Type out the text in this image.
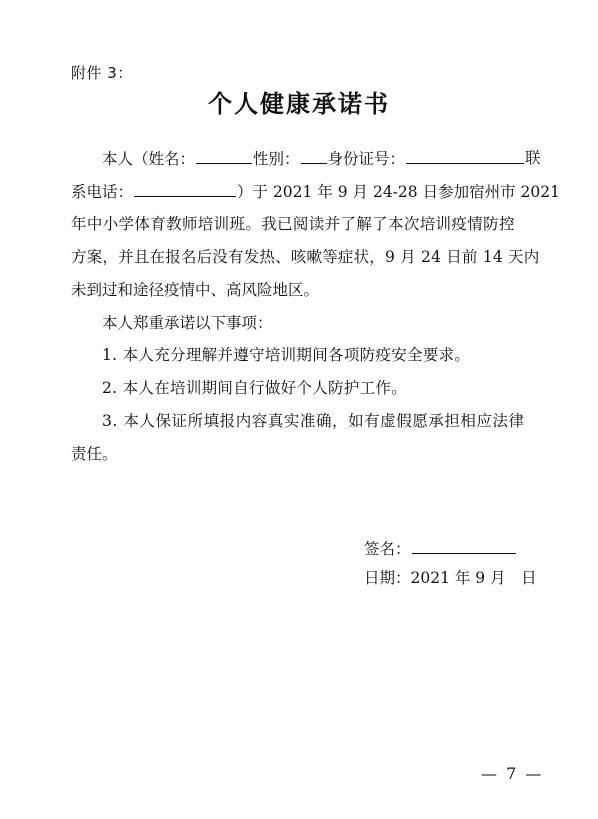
附件 3：
个人健康承诺书
本人（姓名：	性别： 身份证号：	联
系电话：	）于 2021 年 9 月 24-28 日参加宿州市 2021
年中小学体育教师培训班。我已阅读并了解了本次培训疫情防控
方案，并且在报名后没有发热、咳嗽等症状，9 月 24 日前 14 天内
未到过和途径疫情中、高风险地区。
本人郑重承诺以下事项：
1. 本人充分理解并遵守培训期间各项防疫安全要求。
2. 本人在培训期间自行做好个人防护工作。
3. 本人保证所填报内容真实准确，如有虚假愿承担相应法律
责任。
签名：
日期：2021 年 9 月　日
— 7 —
